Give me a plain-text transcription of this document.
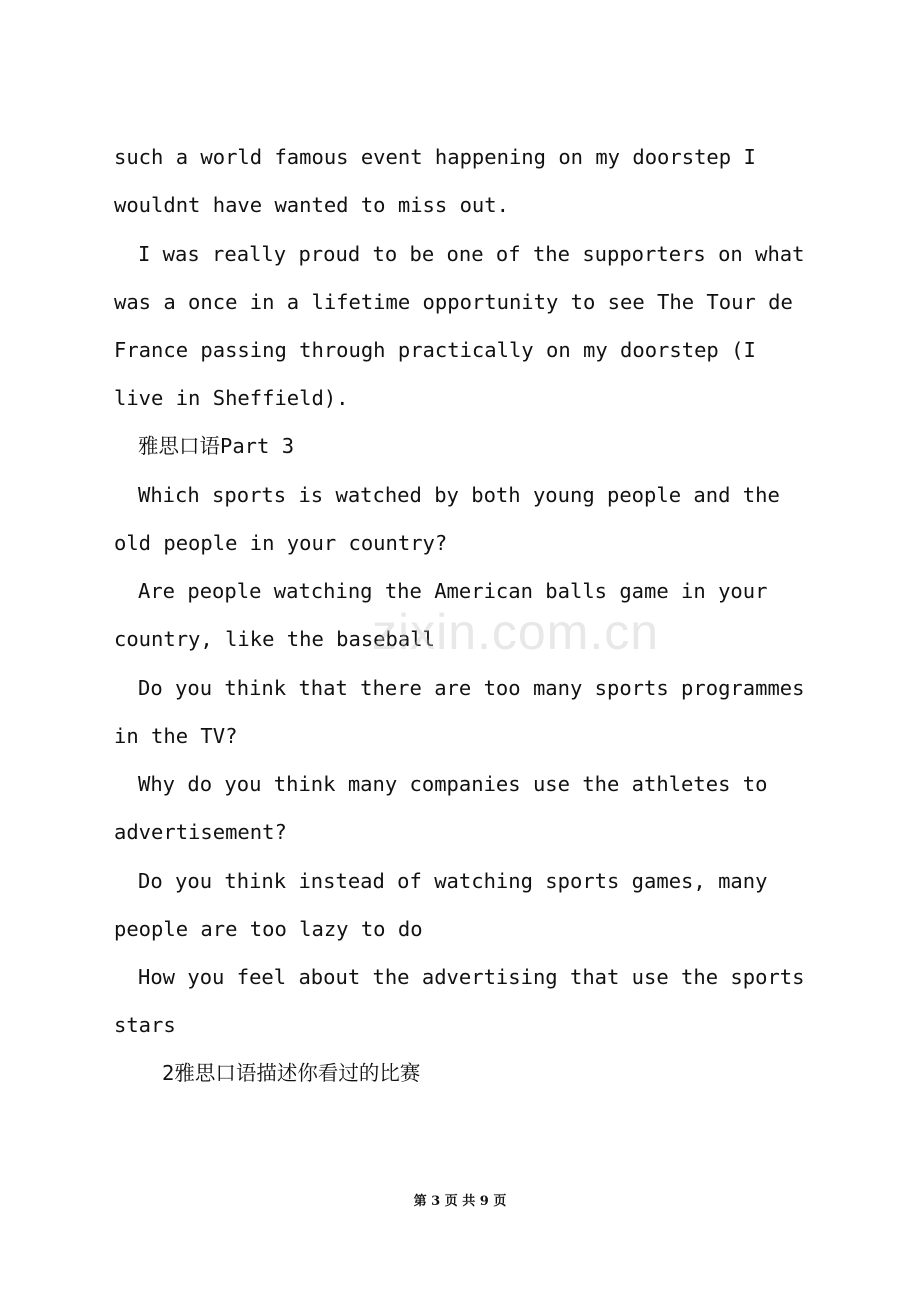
such a world famous event happening on my doorstep I
wouldnt have wanted to miss out.
I was really proud to be one of the supporters on what
was a once in a lifetime opportunity to see The Tour de
France passing through practically on my doorstep (I
live in Sheffield).
雅思口语Part 3
Which sports is watched by both young people and the
old people in your country?
Are people watching the American balls game in your
country, like the baseball
Do you think that there are too many sports programmes
in the TV?
Why do you think many companies use the athletes to
advertisement?
Do you think instead of watching sports games, many
people are too lazy to do
How you feel about the advertising that use the sports
stars
2雅思口语描述你看过的比赛
zixin.com.cn
第 3 页 共 9 页
